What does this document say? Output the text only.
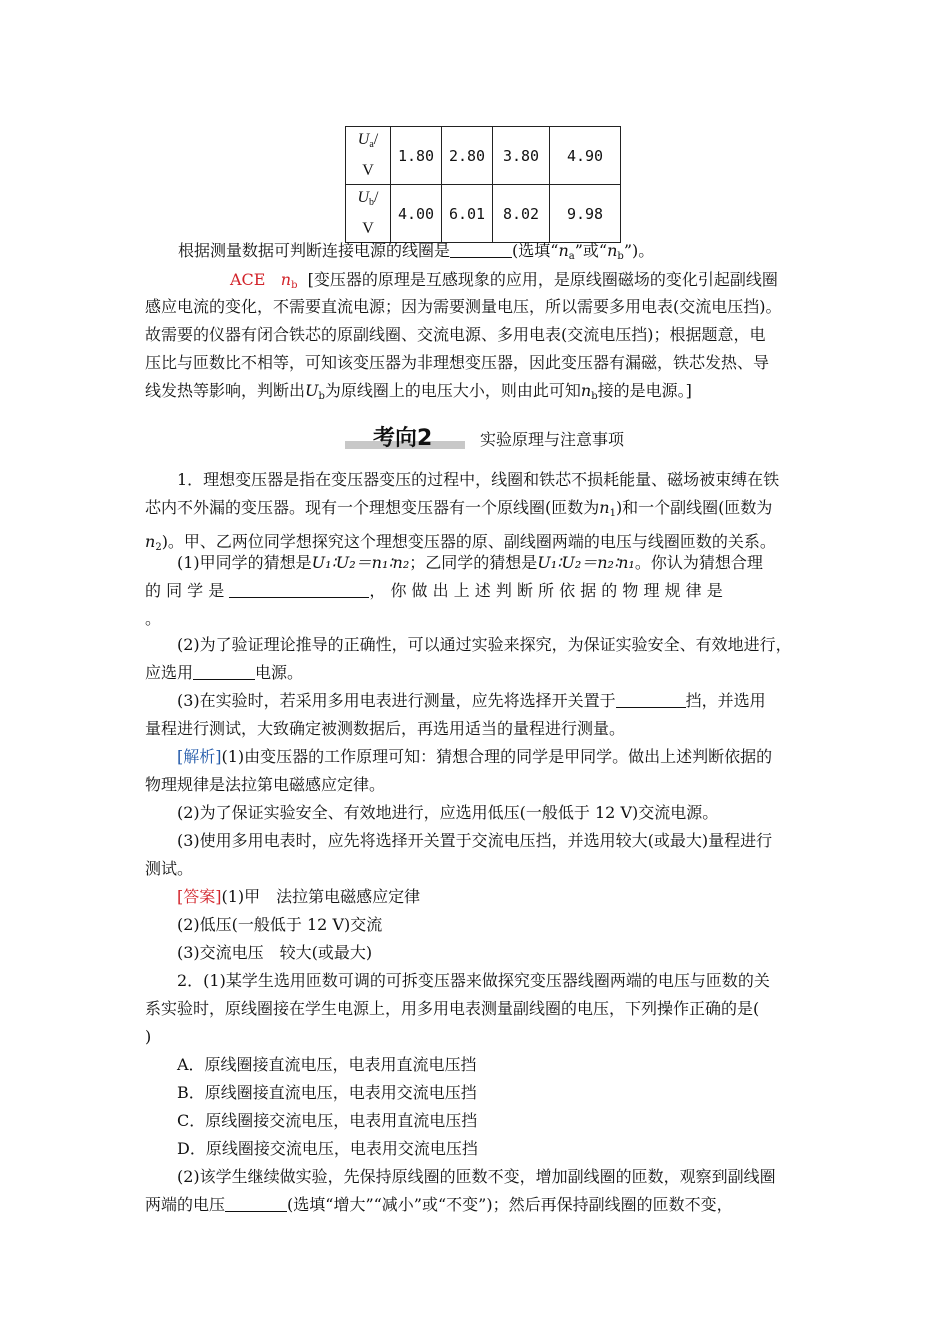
$U_a/$
V	1.80	2.80	3.80	4.90
$U_b/$
V	4.00	6.01	8.02	9.98
根据测量数据可判断连接电源的线圈是	(选填“$n_a$”或“$n_b$”)。
ACE $n_b$ [变压器的原理是互感现象的应用，是原线圈磁场的变化引起副线圈
感应电流的变化，不需要直流电源；因为需要测量电压，所以需要多用电表(交流电压挡)。
故需要的仪器有闭合铁芯的原副线圈、交流电源、多用电表(交流电压挡)；根据题意，电
压比与匝数比不相等，可知该变压器为非理想变压器，因此变压器有漏磁，铁芯发热、导
线发热等影响，判断出$U_b$为原线圈上的电压大小，则由此可知$n_b$接的是电源。]
考向2	实验原理与注意事项
1．理想变压器是指在变压器变压的过程中，线圈和铁芯不损耗能量、磁场被束缚在铁
芯内不外漏的变压器。现有一个理想变压器有一个原线圈(匝数为$n_1$)和一个副线圈(匝数为
$n_2$)。甲、乙两位同学想探究这个理想变压器的原、副线圈两端的电压与线圈匝数的关系。
(1)甲同学的猜想是U₁∶U₂＝n₁∶n₂；乙同学的猜想是U₁∶U₂＝n₂∶n₁。你认为猜想合理
的 同 学 是	， 你 做 出 上 述 判 断 所 依 据 的 物 理 规 律 是
。
(2)为了验证理论推导的正确性，可以通过实验来探究，为保证实验安全、有效地进行，
应选用	电源。
(3)在实验时，若采用多用电表进行测量，应先将选择开关置于	挡，并选用
量程进行测试，大致确定被测数据后，再选用适当的量程进行测量。
[解析](1)由变压器的工作原理可知：猜想合理的同学是甲同学。做出上述判断依据的
物理规律是法拉第电磁感应定律。
(2)为了保证实验安全、有效地进行，应选用低压(一般低于 12 V)交流电源。
(3)使用多用电表时，应先将选择开关置于交流电压挡，并选用较大(或最大)量程进行
测试。
[答案](1)甲　法拉第电磁感应定律
(2)低压(一般低于 12 V)交流
(3)交流电压　较大(或最大)
2．(1)某学生选用匝数可调的可拆变压器来做探究变压器线圈两端的电压与匝数的关
系实验时，原线圈接在学生电源上，用多用电表测量副线圈的电压，下列操作正确的是(
)
A．原线圈接直流电压，电表用直流电压挡
B．原线圈接直流电压，电表用交流电压挡
C．原线圈接交流电压，电表用直流电压挡
D．原线圈接交流电压，电表用交流电压挡
(2)该学生继续做实验，先保持原线圈的匝数不变，增加副线圈的匝数，观察到副线圈
两端的电压	(选填“增大”“减小”或“不变”)；然后再保持副线圈的匝数不变，
